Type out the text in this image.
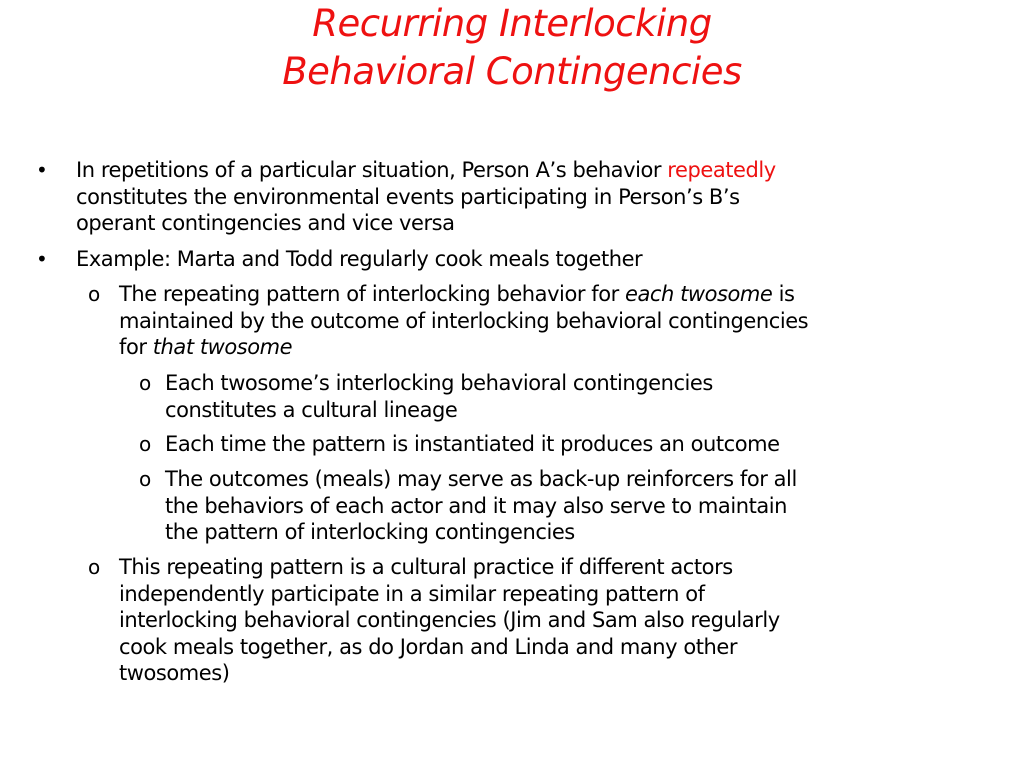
Recurring Interlocking
Behavioral Contingencies
• In repetitions of a particular situation, Person A’s behavior repeatedly
constitutes the environmental events participating in Person’s B’s
operant contingencies and vice versa
• Example: Marta and Todd regularly cook meals together
o The repeating pattern of interlocking behavior for each twosome is
maintained by the outcome of interlocking behavioral contingencies
for that twosome
o Each twosome’s interlocking behavioral contingencies
constitutes a cultural lineage
o Each time the pattern is instantiated it produces an outcome
o The outcomes (meals) may serve as back-up reinforcers for all
the behaviors of each actor and it may also serve to maintain
the pattern of interlocking contingencies
o This repeating pattern is a cultural practice if different actors
independently participate in a similar repeating pattern of
interlocking behavioral contingencies (Jim and Sam also regularly
cook meals together, as do Jordan and Linda and many other
twosomes)
